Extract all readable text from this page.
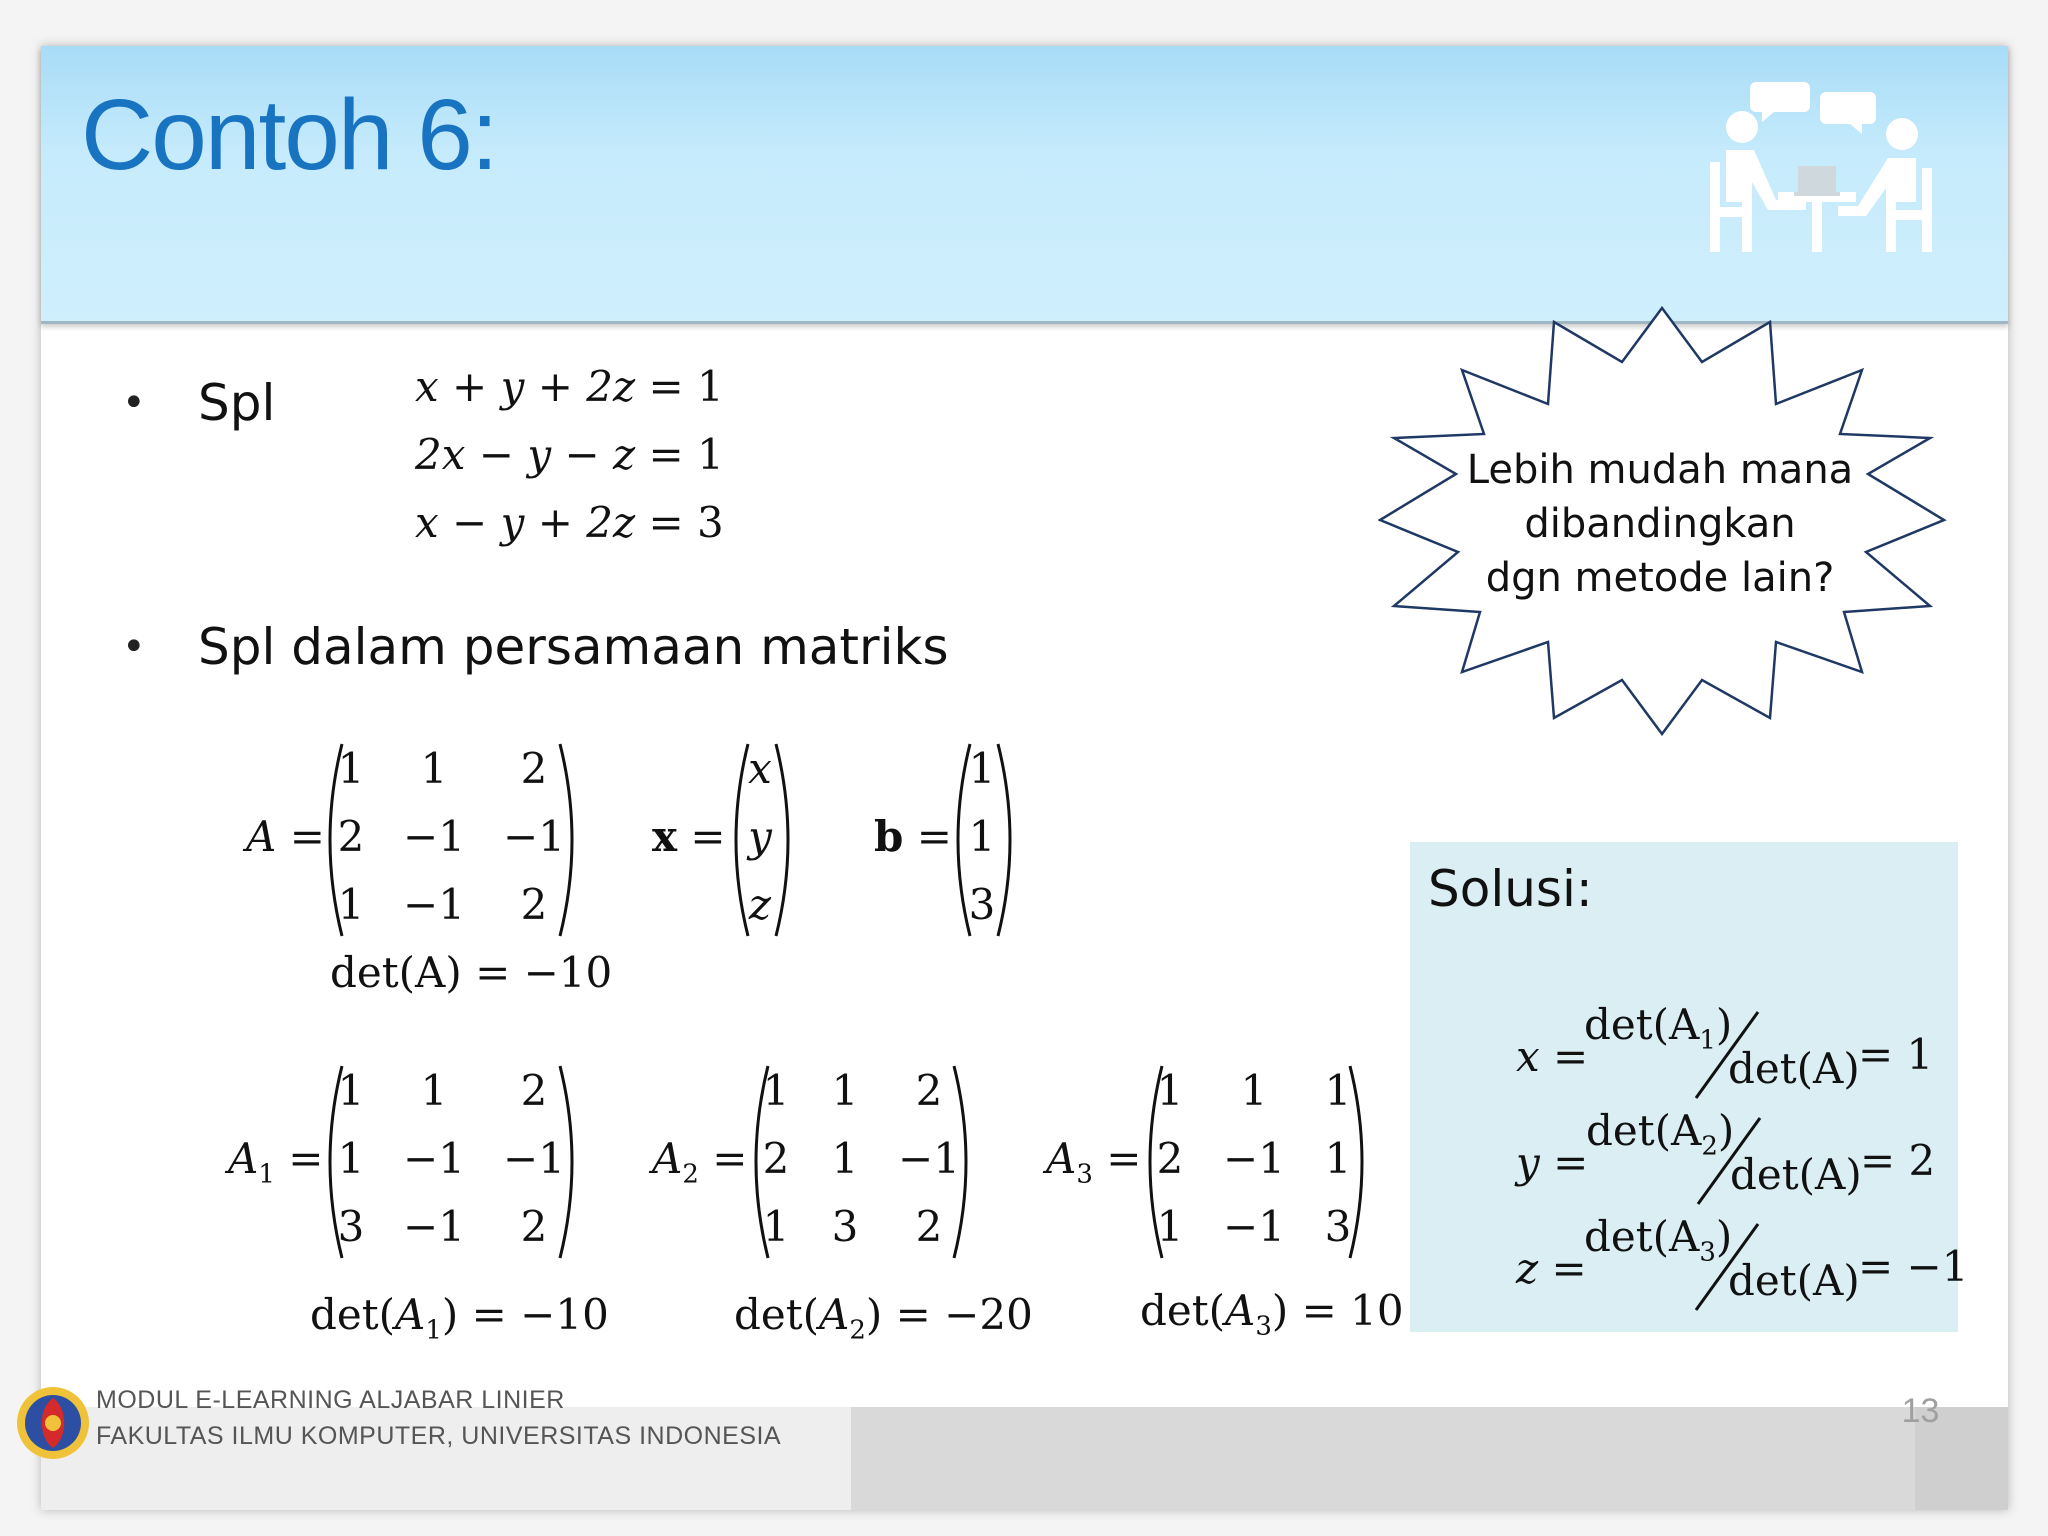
Contoh 6:
• Spl
• Spl dalam persamaan matriks
x + y + 2z = 1
2x − y − z = 1
x − y + 2z = 3
A =
1	1	2
2 −1 −1
1 −1	2
det(A) = −10
x =
x
y
z
b =
1
1
3
$A_1$ =
1	1	2
1 −1 −1
3 −1	2
$\det(A_1) = -10$
$A_2$ =
1	1	2
2	1 −1
1	3	2
$\det(A_2) = -20$
$A_3$ =
1	1	1
2 −1 1
1 −1 3
$\det(A_3) = 10$
Lebih mudah mana
dibandingkan
dgn metode lain?
Solusi:
x =
$\det(A_1)$
det(A)
= 1
y =
$\det(A_2)$
det(A)
= 2
z =
$\det(A_3)$
det(A)
= −1
MODUL E-LEARNING ALJABAR LINIER
FAKULTAS ILMU KOMPUTER, UNIVERSITAS INDONESIA
13
